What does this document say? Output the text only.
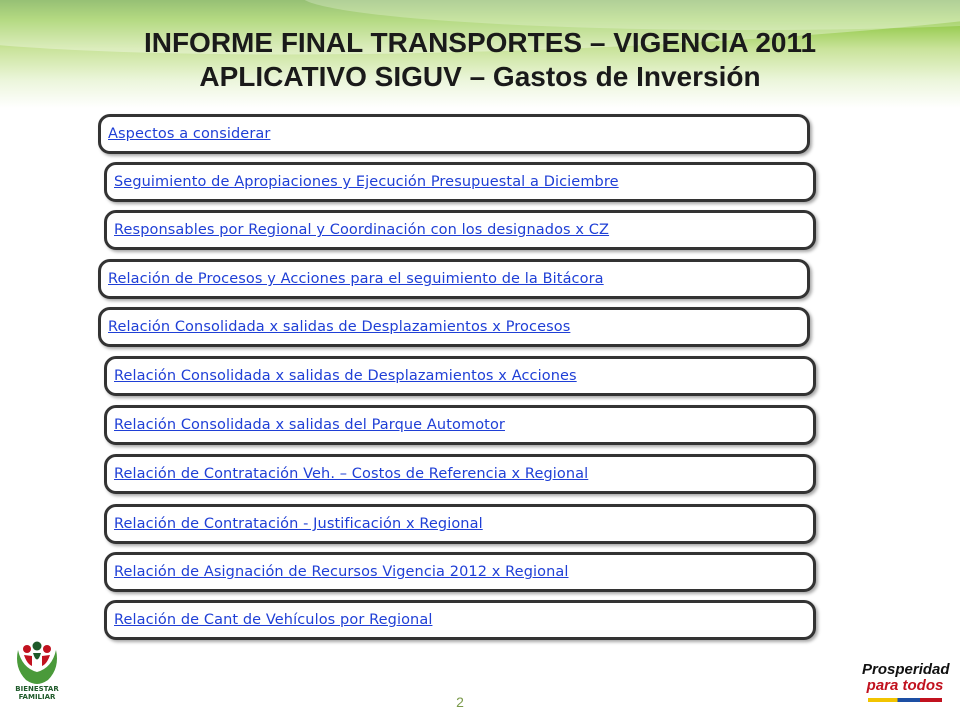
INFORME FINAL TRANSPORTES – VIGENCIA 2011
APLICATIVO SIGUV – Gastos de Inversión
Aspectos a considerar
Seguimiento de Apropiaciones y Ejecución Presupuestal a Diciembre
Responsables por Regional y Coordinación con los designados x CZ
Relación de Procesos y Acciones para el seguimiento de la Bitácora
Relación Consolidada x salidas de Desplazamientos x Procesos
Relación Consolidada x salidas de Desplazamientos x Acciones
Relación Consolidada x salidas del Parque Automotor
Relación de Contratación Veh. – Costos de Referencia x Regional
Relación de Contratación - Justificación x Regional
Relación de Asignación de Recursos Vigencia 2012 x Regional
Relación de Cant de Vehículos por Regional
BIENESTAR FAMILIAR	2
Prosperidad
para todos
